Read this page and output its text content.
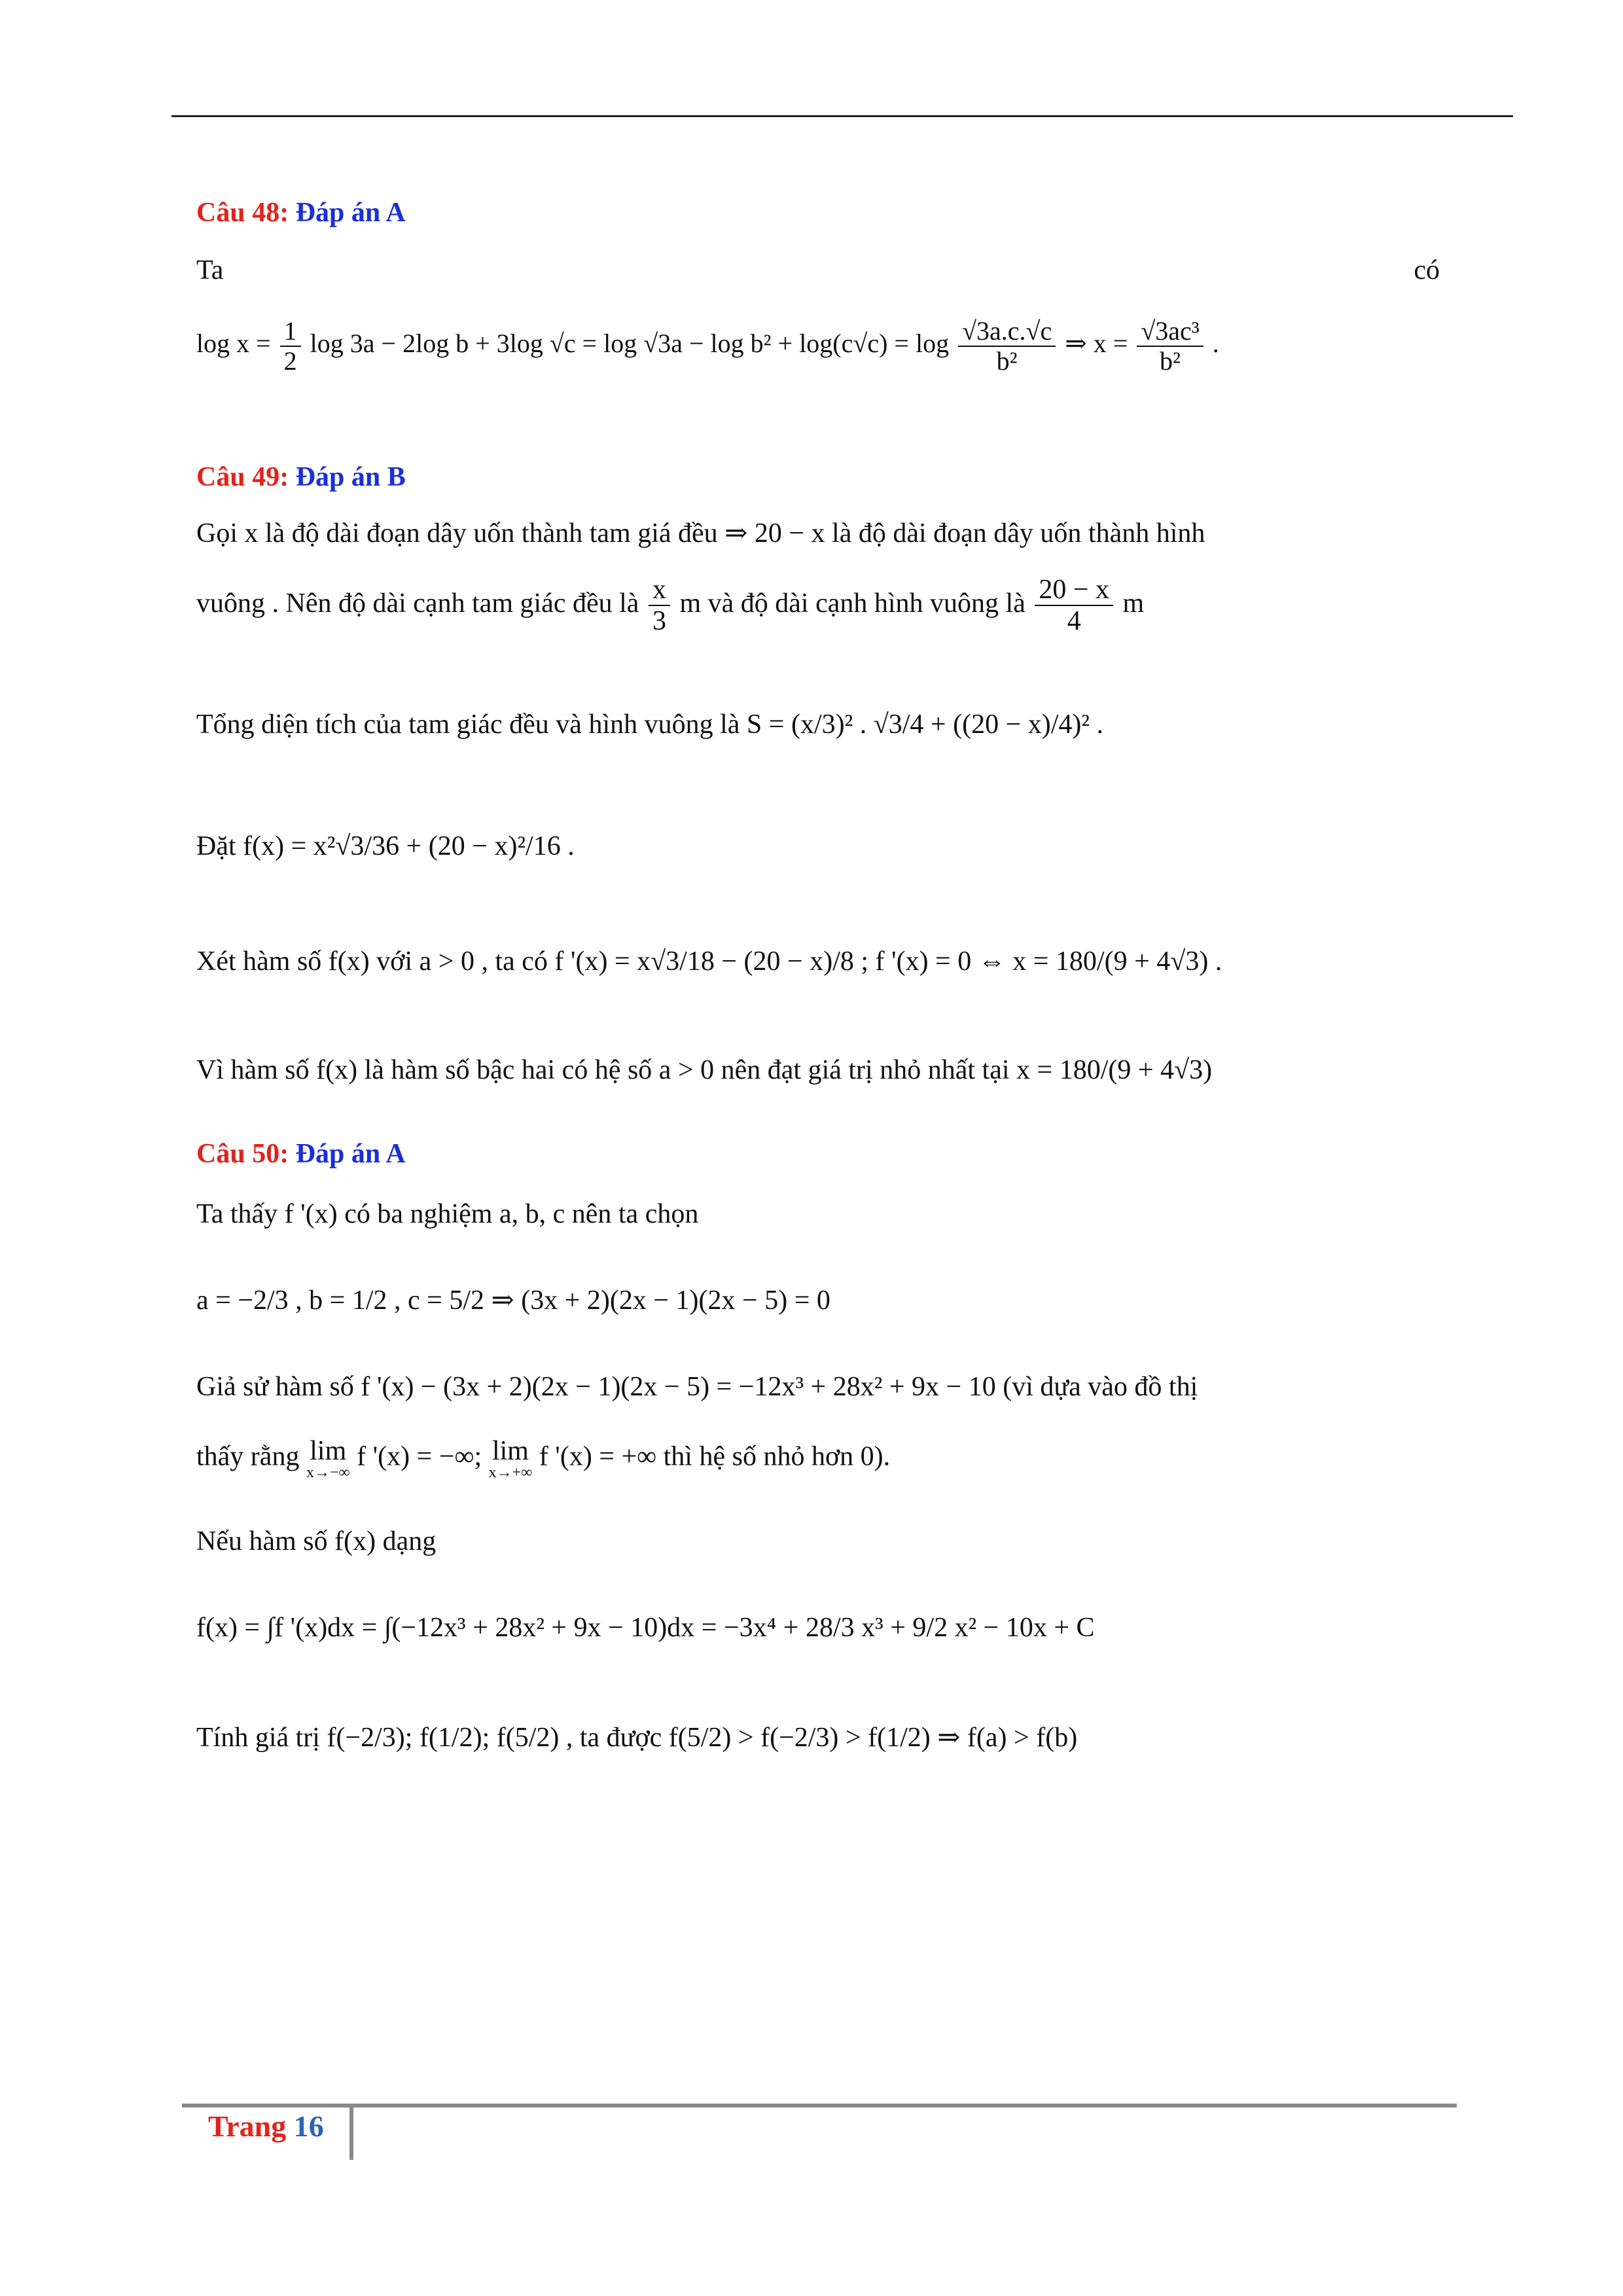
Câu 48: Đáp án A
Ta	có
$\log x = \frac{1}{2}$ log 3a − 2log b + 3log $√c = \log √3a - \log b^2 + \log(c√c) = \log \frac{√3a.c.√c}{\text{b²}}$ ⇒ $x = \frac{\text{√3ac³}}{\text{b²}}$ .
Câu 49: Đáp án B
Gọi x là độ dài đoạn dây uốn thành tam giá đều ⇒ 20 − x là độ dài đoạn dây uốn thành hình
vuông . Nên độ dài cạnh tam giác đều là $\frac{x}{3}$ m và độ dài cạnh hình vuông là $\frac{20 - x}{4}$ m
Tổng diện tích của tam giác đều và hình vuông là S = (x/3)² . √3/4 + ((20 − x)/4)² .
Đặt f(x) = x²√3/36 + (20 − x)²/16 .
Xét hàm số f(x) với a > 0 , ta có f '(x) = x√3/18 − (20 − x)/8 ; f '(x) = 0 ⇔ x = 180/(9 + 4√3) .
Vì hàm số f(x) là hàm số bậc hai có hệ số a > 0 nên đạt giá trị nhỏ nhất tại x = 180/(9 + 4√3)
Câu 50: Đáp án A
Ta thấy f '(x) có ba nghiệm a, b, c nên ta chọn
a = −2/3 , b = 1/2 , c = 5/2 ⇒ (3x + 2)(2x − 1)(2x − 5) = 0
Giả sử hàm số f '(x) − (3x + 2)(2x − 1)(2x − 5) = −12x³ + 28x² + 9x − 10 (vì dựa vào đồ thị
thấy rằng lim
x→−∞
f '(x) = −∞; lim
x→+∞
f '(x) = +∞ thì hệ số nhỏ hơn 0).
Nếu hàm số f(x) dạng
f(x) = ∫f '(x)dx = ∫(−12x³ + 28x² + 9x − 10)dx = −3x⁴ + 28/3 x³ + 9/2 x² − 10x + C
Tính giá trị f(−2/3); f(1/2); f(5/2) , ta được f(5/2) > f(−2/3) > f(1/2) ⇒ f(a) > f(b)
Trang 16
